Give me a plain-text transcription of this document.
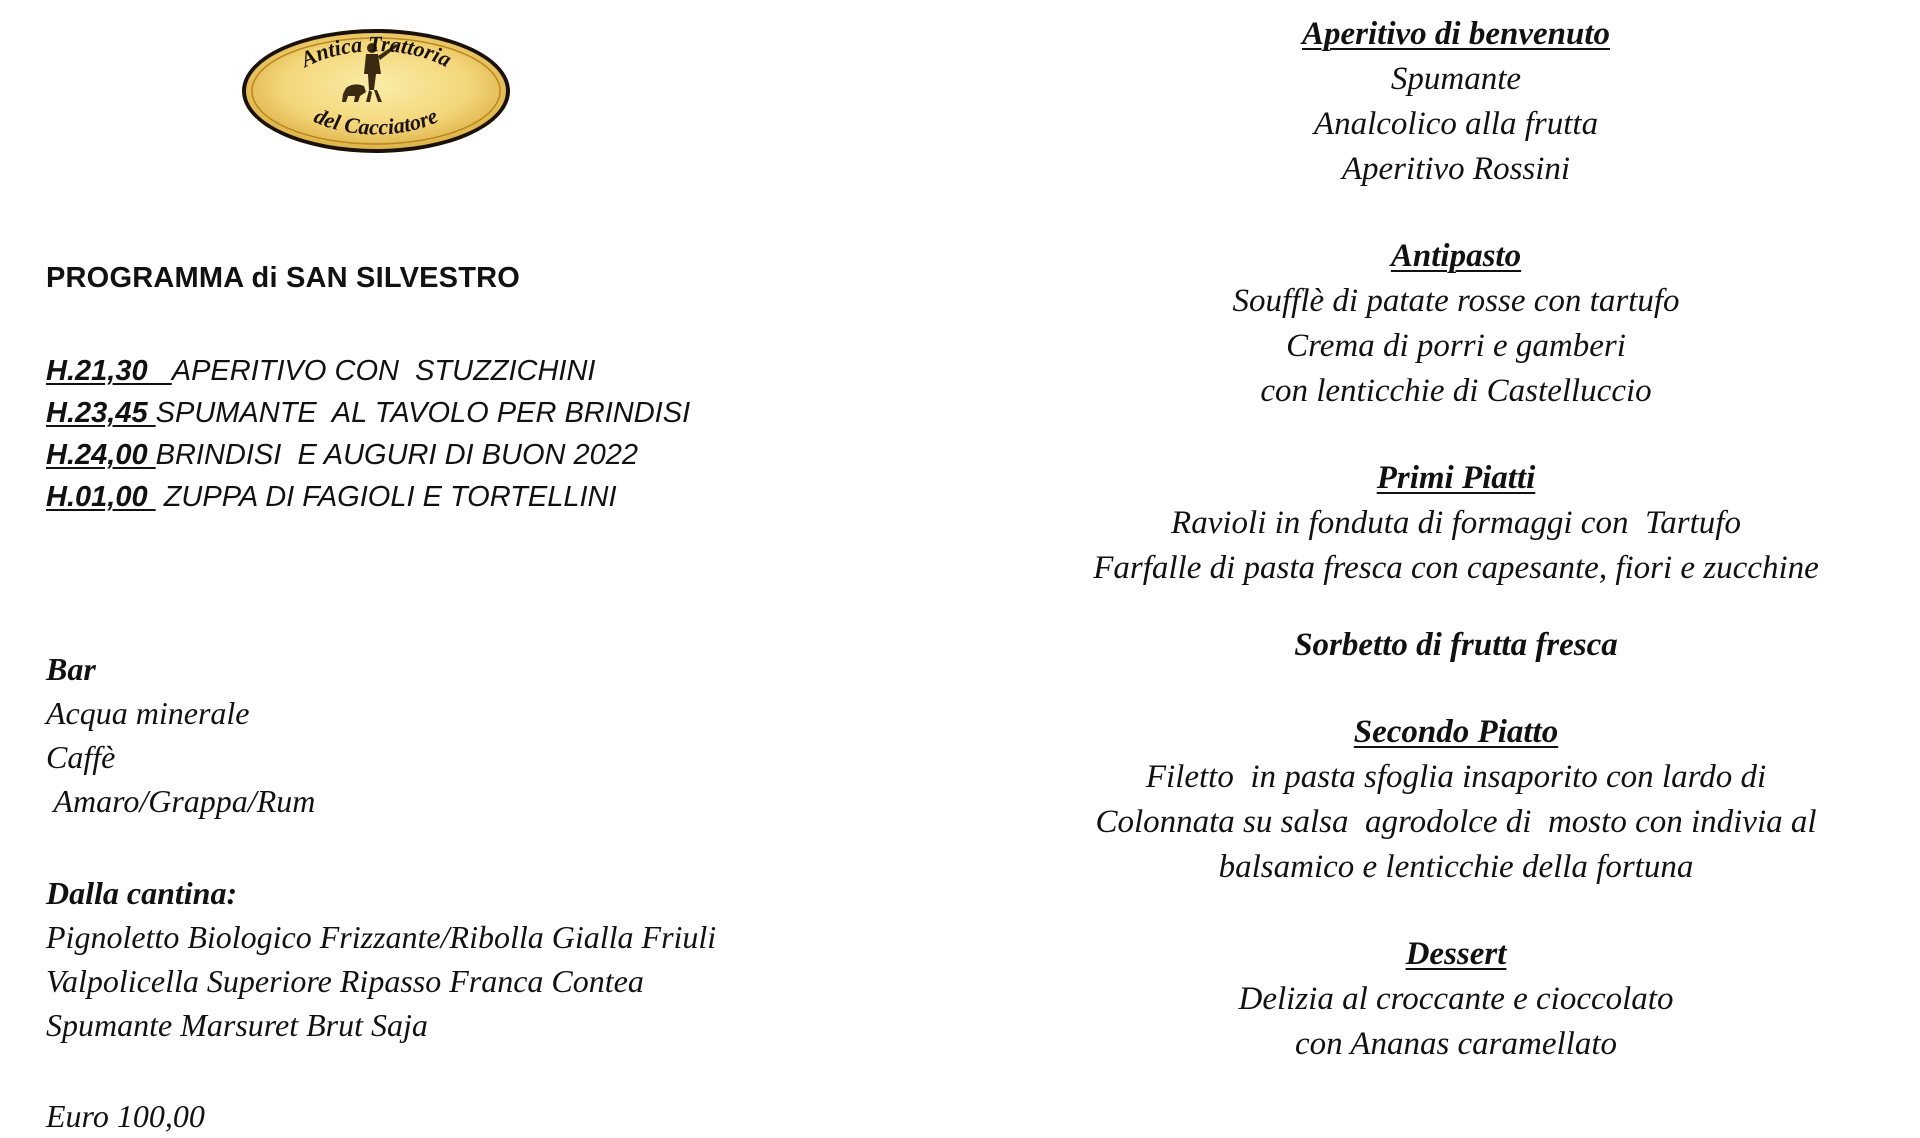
Antica Trattoria
del Cacciatore
PROGRAMMA di SAN SILVESTRO
H.21,30   APERITIVO CON  STUZZICHINI
H.23,45 SPUMANTE  AL TAVOLO PER BRINDISI
H.24,00 BRINDISI  E AUGURI DI BUON 2022
H.01,00  ZUPPA DI FAGIOLI E TORTELLINI
Bar
Acqua minerale
Caffè
Amaro/Grappa/Rum
Dalla cantina:
Pignoletto Biologico Frizzante/Ribolla Gialla Friuli
Valpolicella Superiore Ripasso Franca Contea
Spumante Marsuret Brut Saja
Euro 100,00
Aperitivo di benvenuto
Spumante
Analcolico alla frutta
Aperitivo Rossini
Antipasto
Soufflè di patate rosse con tartufo
Crema di porri e gamberi
con lenticchie di Castelluccio
Primi Piatti
Ravioli in fonduta di formaggi con  Tartufo
Farfalle di pasta fresca con capesante, fiori e zucchine
Sorbetto di frutta fresca
Secondo Piatto
Filetto  in pasta sfoglia insaporito con lardo di
Colonnata su salsa  agrodolce di  mosto con indivia al
balsamico e lenticchie della fortuna
Dessert
Delizia al croccante e cioccolato
con Ananas caramellato
